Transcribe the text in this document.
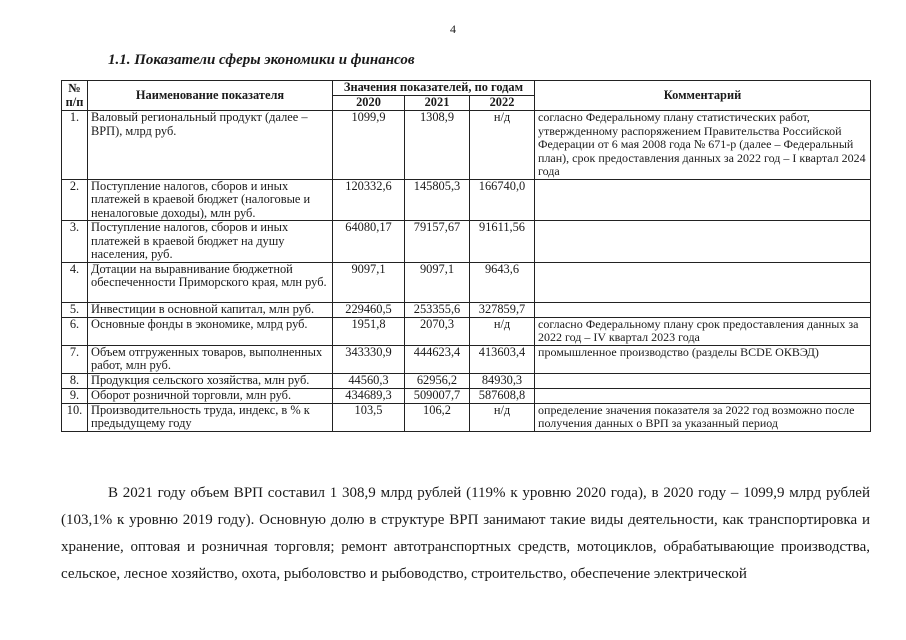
4
1.1. Показатели сферы экономики и финансов
№ п/п	Наименование показателя	Значения показателей, по годам			Комментарий
		2020	2021	2022	
1.	Валовый региональный продукт (далее – ВРП), млрд руб.	1099,9	1308,9	н/д	согласно Федеральному плану статистических работ, утвержденному распоряжением Правительства Российской Федерации от 6 мая 2008 года № 671-р (далее – Федеральный план), срок предоставления данных за 2022 год – I квартал 2024 года
2.	Поступление налогов, сборов и иных платежей в краевой бюджет (налоговые и неналоговые доходы), млн руб.	120332,6	145805,3	166740,0	
3.	Поступление налогов, сборов и иных платежей в краевой бюджет на душу населения, руб.	64080,17	79157,67	91611,56	
4.	Дотации на выравнивание бюджетной обеспеченности Приморского края, млн руб.	9097,1	9097,1	9643,6	
5.	Инвестиции в основной капитал, млн руб.	229460,5	253355,6	327859,7	
6.	Основные фонды в экономике, млрд руб.	1951,8	2070,3	н/д	согласно Федеральному плану срок предоставления данных за 2022 год – IV квартал 2023 года
7.	Объем отгруженных товаров, выполненных работ, млн руб.	343330,9	444623,4	413603,4	промышленное производство (разделы BCDE ОКВЭД)
8.	Продукция сельского хозяйства, млн руб.	44560,3	62956,2	84930,3	
9.	Оборот розничной торговли, млн руб.	434689,3	509007,7	587608,8	
10.	Производительность труда, индекс, в % к предыдущему году	103,5	106,2	н/д	определение значения показателя за 2022 год возможно после получения данных о ВРП за указанный период

В 2021 году объем ВРП составил 1 308,9 млрд рублей (119% к уровню 2020 года), в 2020 году – 1099,9 млрд рублей (103,1% к уровню 2019 году). Основную долю в структуре ВРП занимают такие виды деятельности, как транспортировка и хранение, оптовая и розничная торговля; ремонт автотранспортных средств, мотоциклов, обрабатывающие производства, сельское, лесное хозяйство, охота, рыболовство и рыбоводство, строительство, обеспечение электрической
